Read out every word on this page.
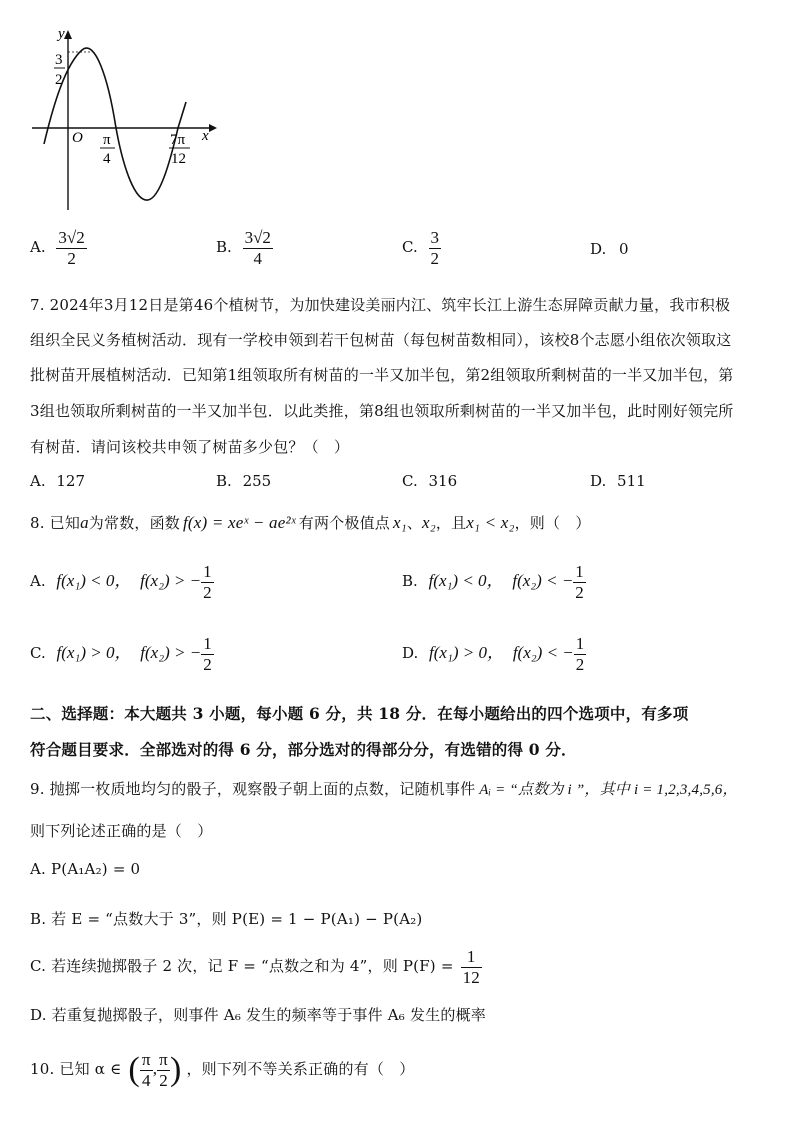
y
x
O
3
2
π
4
7π
12
A. $\frac{3√2}{2}$	B. $\frac{3√2}{4}$	C. $\frac{3}{2}$	D. 0
7. 2024年3月12日是第46个植树节，为加快建设美丽内江、筑牢长江上游生态屏障贡献力量，我市积极
组织全民义务植树活动．现有一学校申领到若干包树苗（每包树苗数相同），该校8个志愿小组依次领取这
批树苗开展植树活动．已知第1组领取所有树苗的一半又加半包，第2组领取所剩树苗的一半又加半包，第
3组也领取所剩树苗的一半又加半包．以此类推，第8组也领取所剩树苗的一半又加半包，此时刚好领完所
有树苗．请问该校共申领了树苗多少包？（　）
A. 127	B. 255	C. 316	D. 511
8. 已知a为常数，函数 f(x) = xeˣ − ae²ˣ 有两个极值点 x₁、x₂，且x₁ < x₂，则（　）
A. f(x₁) < 0， f(x₂) > − $\frac{1}{2}$	B. f(x₁) < 0， f(x₂) < − $\frac{1}{2}$
C. f(x₁) > 0， f(x₂) > − $\frac{1}{2}$	D. f(x₁) > 0， f(x₂) < − $\frac{1}{2}$
二、选择题：本大题共 3 小题，每小题 6 分，共 18 分．在每小题给出的四个选项中，有多项
符合题目要求．全部选对的得 6 分，部分选对的得部分分，有选错的得 0 分．
9. 抛掷一枚质地均匀的骰子，观察骰子朝上面的点数，记随机事件 Aᵢ = “点数为 i ”，其中 i = 1,2,3,4,5,6，
则下列论述正确的是（　）
A. P(A₁A₂) = 0
B. 若 E = “点数大于 3”，则 P(E) = 1 − P(A₁) − P(A₂)
C. 若连续抛掷骰子 2 次，记 F = “点数之和为 4”，则 $P(F) = \frac{1}{12}$
D. 若重复抛掷骰子，则事件 A₆ 发生的频率等于事件 A₆ 发生的概率
10. 已知 α ∈ ( $\frac{\pi}{4}$ , $\frac{\pi}{2}$ ) ，则下列不等关系正确的有（　）
